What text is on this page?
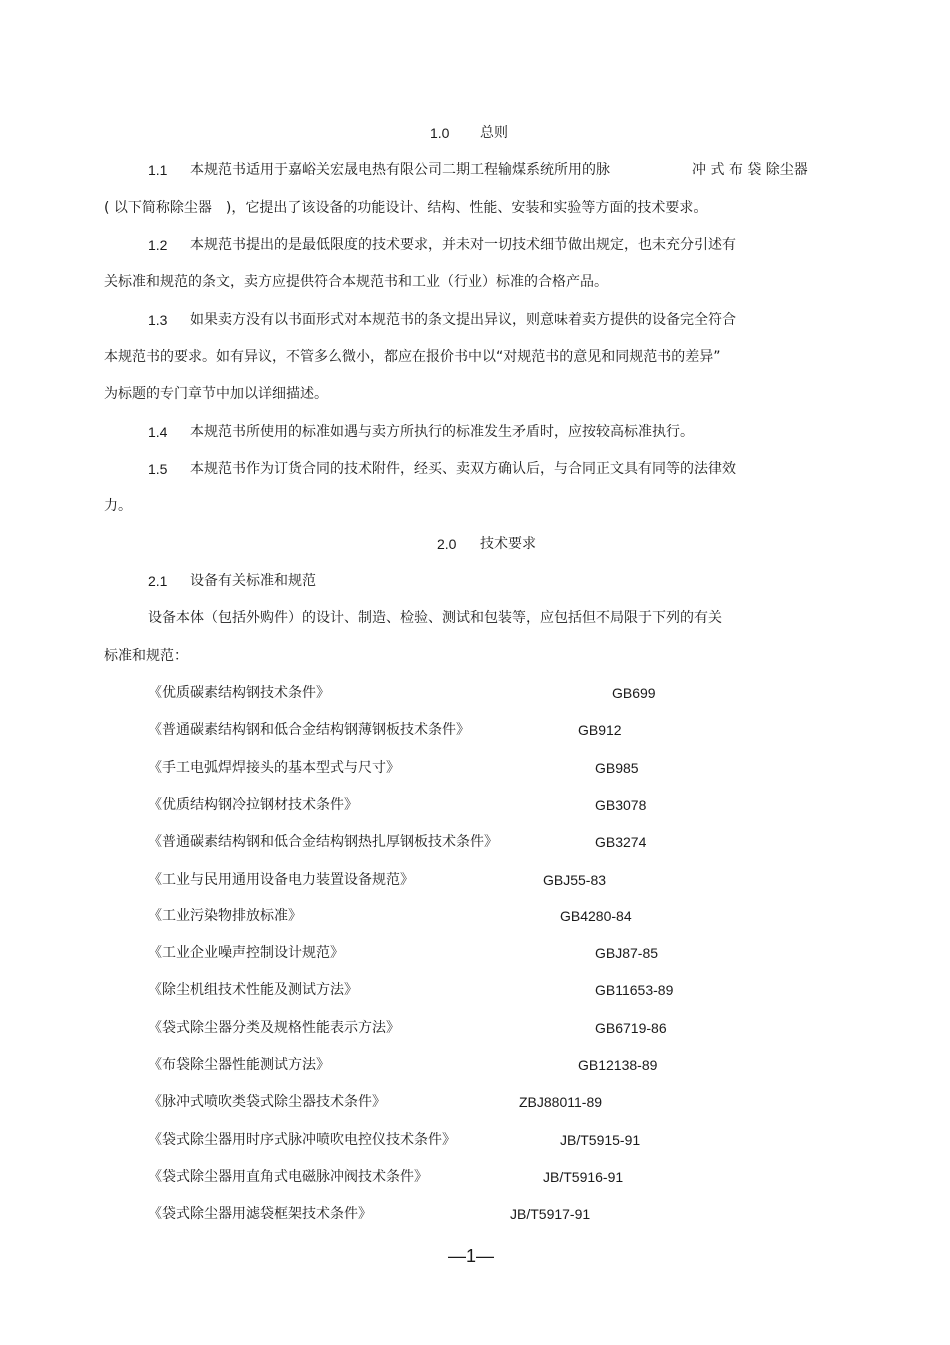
1.0 总则
1.1 本规范书适用于嘉峪关宏晟电热有限公司二期工程输煤系统所用的脉	冲 式 布 袋 除尘器
( 以下简称除尘器　)，它提出了该设备的功能设计、结构、性能、安装和实验等方面的技术要求。
1.2 本规范书提出的是最低限度的技术要求，并未对一切技术细节做出规定，也未充分引述有
关标准和规范的条文，卖方应提供符合本规范书和工业（行业）标准的合格产品。
1.3 如果卖方没有以书面形式对本规范书的条文提出异议，则意味着卖方提供的设备完全符合
本规范书的要求。如有异议，不管多么微小，都应在报价书中以“对规范书的意见和同规范书的差异”
为标题的专门章节中加以详细描述。
1.4 本规范书所使用的标准如遇与卖方所执行的标准发生矛盾时，应按较高标准执行。
1.5 本规范书作为订货合同的技术附件，经买、卖双方确认后，与合同正文具有同等的法律效
力。
2.0 技术要求
2.1 设备有关标准和规范
设备本体（包括外购件）的设计、制造、检验、测试和包装等，应包括但不局限于下列的有关
标准和规范：
《优质碳素结构钢技术条件》	GB699
《普通碳素结构钢和低合金结构钢薄钢板技术条件》	GB912
《手工电弧焊焊接头的基本型式与尺寸》	GB985
《优质结构钢冷拉钢材技术条件》	GB3078
《普通碳素结构钢和低合金结构钢热扎厚钢板技术条件》	GB3274
《工业与民用通用设备电力装置设备规范》	GBJ55-83
《工业污染物排放标准》	GB4280-84
《工业企业噪声控制设计规范》	GBJ87-85
《除尘机组技术性能及测试方法》	GB11653-89
《袋式除尘器分类及规格性能表示方法》	GB6719-86
《布袋除尘器性能测试方法》	GB12138-89
《脉冲式喷吹类袋式除尘器技术条件》	ZBJ88011-89
《袋式除尘器用时序式脉冲喷吹电控仪技术条件》	JB/T5915-91
《袋式除尘器用直角式电磁脉冲阀技术条件》	JB/T5916-91
《袋式除尘器用滤袋框架技术条件》	JB/T5917-91
—1—
